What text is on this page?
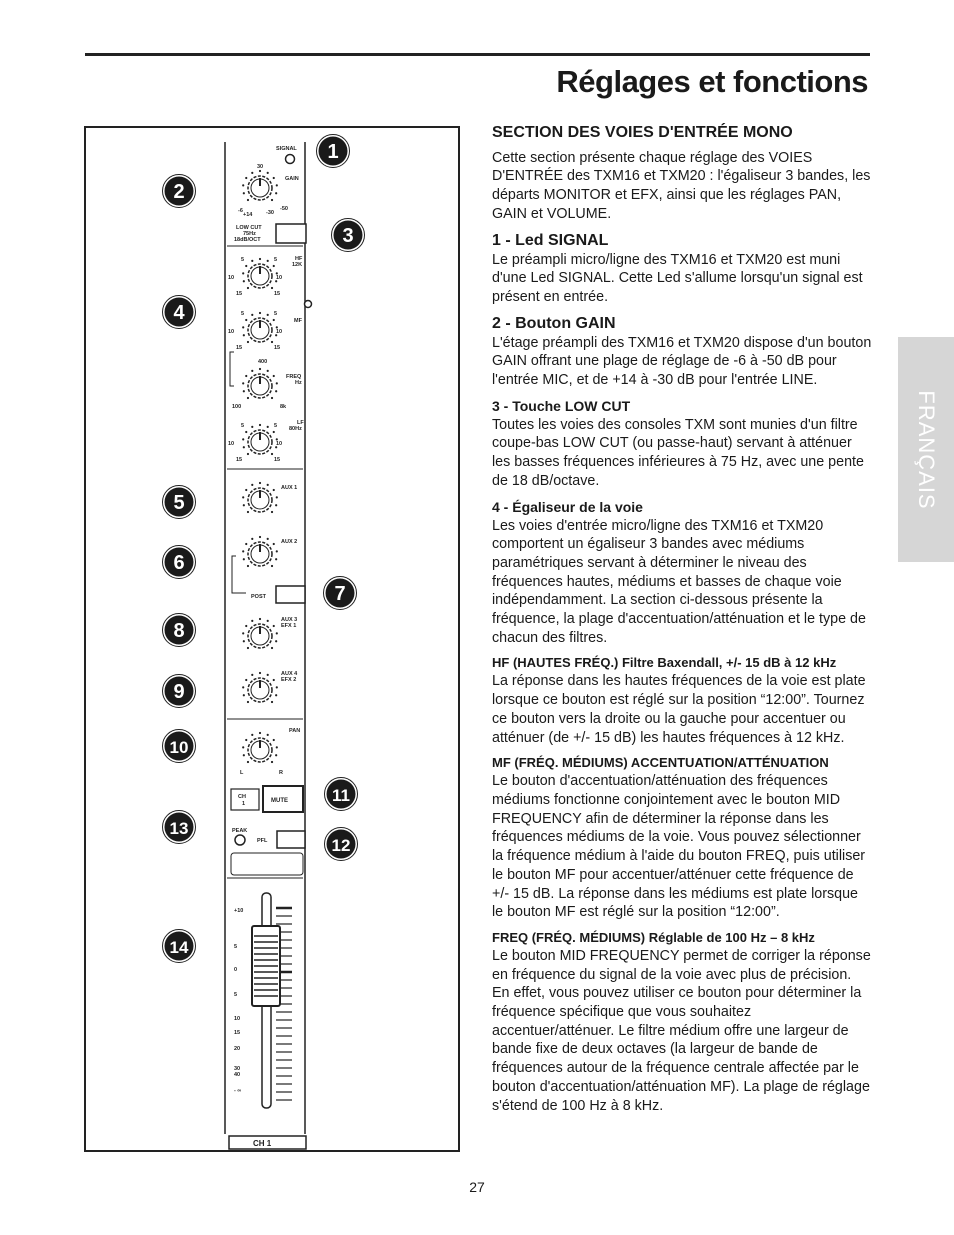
Réglages et fonctions
FRANÇAIS
SIGNAL
30
GAIN
-6
+14 -30
-50
LOW CUT
75Hz
18dB/OCT
HF
12K
MF
400
FREQ
Hz
100	8k
LF
80Hz
AUX 1
AUX 2
POST
AUX 3
EFX 1
AUX 4
EFX 2
PAN
L	R
PEAK
PFL
CH
1	MUTE
+10
5
0
5
10
15
20
30
40
- ∞
CH 1
5	5
10	10
15	15
5	5
10	10
15	15
5	5
10	10
15	15
1
2
3
4
5
6
7
8
9
10
11
12
13
14
SECTION DES VOIES D'ENTRÉE MONO

Cette section présente chaque réglage des VOIES D'ENTRÉE des TXM16 et TXM20 : l'égaliseur 3 bandes, les départs MONITOR et EFX, ainsi que les réglages PAN, GAIN et VOLUME.

1 - Led SIGNAL

Le préampli micro/ligne des TXM16 et TXM20 est muni d'une Led SIGNAL. Cette Led s'allume lorsqu'un signal est présent en entrée.

2 - Bouton GAIN

L'étage préampli des TXM16 et TXM20 dispose d'un bouton GAIN offrant une plage de réglage de -6 à -50 dB pour l'entrée MIC, et de +14 à -30 dB pour l'entrée LINE.

3 - Touche LOW CUT

Toutes les voies des consoles TXM sont munies d'un filtre coupe-bas LOW CUT (ou passe-haut) servant à atténuer les basses fréquences inférieures à 75 Hz, avec une pente de 18 dB/octave.

4 - Égaliseur de la voie

Les voies d'entrée micro/ligne des TXM16 et TXM20 comportent un égaliseur 3 bandes avec médiums paramétriques servant à déterminer le niveau des fréquences hautes, médiums et basses de chaque voie indépendamment. La section ci-dessous présente la fréquence, la plage d'accentuation/atténuation et le type de chacun des filtres.

HF (HAUTES FRÉQ.) Filtre Baxendall, +/- 15 dB à 12 kHz

La réponse dans les hautes fréquences de la voie est plate lorsque ce bouton est réglé sur la position “12:00”. Tournez ce bouton vers la droite ou la gauche pour accentuer ou atténuer (de +/- 15 dB) les hautes fréquences à 12 kHz.

MF (FRÉQ. MÉDIUMS) ACCENTUATION/ATTÉNUATION

Le bouton d'accentuation/atténuation des fréquences médiums fonctionne conjointement avec le bouton MID FREQUENCY afin de déterminer la réponse dans les fréquences médiums de la voie. Vous pouvez sélectionner la fréquence médium à l'aide du bouton FREQ, puis utiliser le bouton MF pour accentuer/atténuer cette fréquence de +/- 15 dB. La réponse dans les médiums est plate lorsque le bouton MF est réglé sur la position “12:00”.

FREQ (FRÉQ. MÉDIUMS) Réglable de 100 Hz – 8 kHz

Le bouton MID FREQUENCY permet de corriger la réponse en fréquence du signal de la voie avec plus de précision. En effet, vous pouvez utiliser ce bouton pour déterminer la fréquence spécifique que vous souhaitez accentuer/atténuer. Le filtre médium offre une largeur de bande fixe de deux octaves (la largeur de bande de fréquences autour de la fréquence centrale affectée par le bouton d'accentuation/atténuation MF). La plage de réglage s'étend de 100 Hz à 8 kHz.

27
